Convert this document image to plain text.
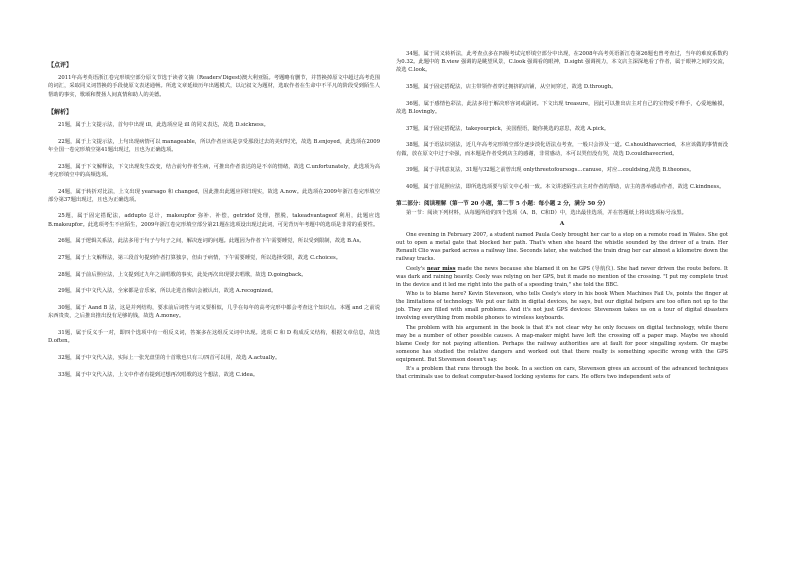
【点评】

2011年高考英语浙江卷完形填空部分原文节选于读者文摘（Readers'Digest)澳大利亚版。考题略有删节，并替换掉原文中超过高考范围的词汇，采取同义词替换的手段使原文表述通畅。所选文章延续历年出题模式，以记叙文为题材，选取作者在生命中不平凡的阶段受到陌生人帮助的事实，歌颂和赞扬人间真情和助人的美德。

【解析】

21题，属于上文提示法，首句中出现 ill，此选项应是 ill 的同义表达，故选 D.sickness。

22题，属于上文提示法，上句出现病情可以 manageable，所以作者应该是享受那段过去的美好时光，故选 B.enjoyed，此选项在2009年全国一卷完形填空第41题出现过，且也为正确选项。

23题，属于下文解释法，下文出现发生改变，结合前句作者生病，可推出作者表达的是不幸的情绪，故选 C.unfortunately，此选项为高考完形填空中的高频选项。

24题，属于转折对比法，上文出现 yearsago 和 changed，因此推出此题应回归现实，故选 A.now。此选项在2009年浙江卷完形填空部分第37题出现过，且也为正确选项。

25题，属于固定搭配法，addupto 总计，makeupfor 弥补、补偿，getridof 处理，摆脱，takeadvantageof 利用，此题应选 B.makeupfor。此选项考生不应陌生，2009年浙江卷完形填空部分第21题在选项设出现过此词，可见背历年考题中的选项是非常的重要性。

26题，属于逻辑关系法，此法多用于句子与句子之间，解决连词的问题。此题因为作者下午需要睡觉，所以受到限制，故选 B.As。

27题，属于上文解释法，第三段首句提到作者打算独享，但由于病情，下午需要睡觉，所以选择受限，故选 C.choices。

28题，属于前后照应法，上文提到过九年之前唱歌的事实，此处再次出现要去唱歌，故选 D.goingback。

29题，属于中文代入法，全家都是音乐家，所以走进音像店会被认出，故选 A.recognized。

30题，属于 Aand B 法，这是并列结构，要求前后词性与词义要相似，几乎在每年的高考完形中都会考查这个知识点。本题 and 之前说东西贵贵，之后推出推出没有足够的钱，故选 A.money。

31题，属于反义手一对，即四个选项中有一组反义词，答案多在这组反义词中出现。选项 C 和 D 构成反义结构，根据文章信息，故选 D.often。

32题，属于中文代入法，实际上一张光盘里的十首歌也只有三/四首可以用，故选 A.actually。

33题，属于中文代入法，上文中作者有提到过想再次唱歌的这个想法，故选 C.idea。

34题，属于同义转析法，此考查点多在四级考试完形填空部分中出现，在2008年高考英语浙江卷第26题也曾考查过，当年的难度系数约为0.32。此题中的 B.view 强调的是眺望风景，C.look 强调看的眼神，D.sight 强调视力，本文店主深深地看了作者，属于眼神之间的交流，故选 C.look。

35题，属于固定搭配法，店主带领作者穿过拥挤的店铺，从空间穿过，故选 D.through。

36题，属于感情色彩法，此法多用于解决形容词或副词。下文出现 treasure，因此可以推出店主对自己的宝物爱不释手，心爱地触摸，故选 B.lovingly。

37题，属于固定搭配法，takeyourpick，美国俚语，随你挑选的意思，故选 A.pick。

38题，属于语法识别法，近几年高考完形填空部分逐步淡化语法点考查，一般只会涉及一道。C.shouldhavecried，本应该做的事情而没有做，放在原文中过于牵强，而本题是作者受到店主的感谢，非常感动，本可以哭但没有哭，故选 D.couldhavecried。

39题，属于寻找意复法，31题与32题之前曾出现 onlythreetofoursogs…canuse，对应…couldsing,故选 B.theones。

40题，属于首尾照应法，即所选选项要与原文中心相一致。本文讲述陌生店主对作者的帮助，店主的善举感动作者，故选 C.kindness。

第二部分：阅读理解（第一节 20 小题，第二节 5 小题：每小题 2 分，满分 50 分）

第一节：阅读下列材料，从每题所给的四个选项（A、B、C和D）中，选出最佳选项，并在答题纸上将该选项标号涂黑。

A

One evening in February 2007, a student named Paula Ceely brought her car to a stop on a remote road in Wales. She got out to open a metal gate that blocked her path. That's when she heard the whistle sounded by the driver of a train. Her Renault Clio was parked across a railway line. Seconds later, she watched the train drag her car almost a kilometre down the railway tracks.

Ceely's near miss made the news because she blamed it on he GPS (导航仪). She had never driven the route before. It was dark and raining heavily. Ceely was relying on her GPS, but it made no mention of the crossing. "I put my complete trust in the device and it led me right into the path of a speeding train," she told the BBC.

Who is to blame here? Kevin Stevenson, who tells Ceely's story in his book When Machines Fail Us, points the finger at the limitations of technology. We put our faith in digital devices, he says, but our digital helpers are too often not up to the job. They are filled with small problems. And it's not just GPS devices: Stevenson takes us on a tour of digital disasters involving everything from mobile phones to wireless keyboards.

The problem with his argument in the book is that it's not clear why he only focuses on digital technology, while there may be a number of other possible causes. A map-maker might have left the crossing off a paper map. Maybe we should blame Ceely for not paying attention. Perhaps the railway authorities are at fault for poor singalling system. Or maybe someone has studied the relative dangers and worked out that there really is something specific wrong with the GPS equipment. But Stevenson doesn't say.

It's a problem that runs through the book. In a section on cars, Stevenson gives an account of the advanced techniques that criminals use to defeat computer-based locking systems for cars. He offers two independent sets of
